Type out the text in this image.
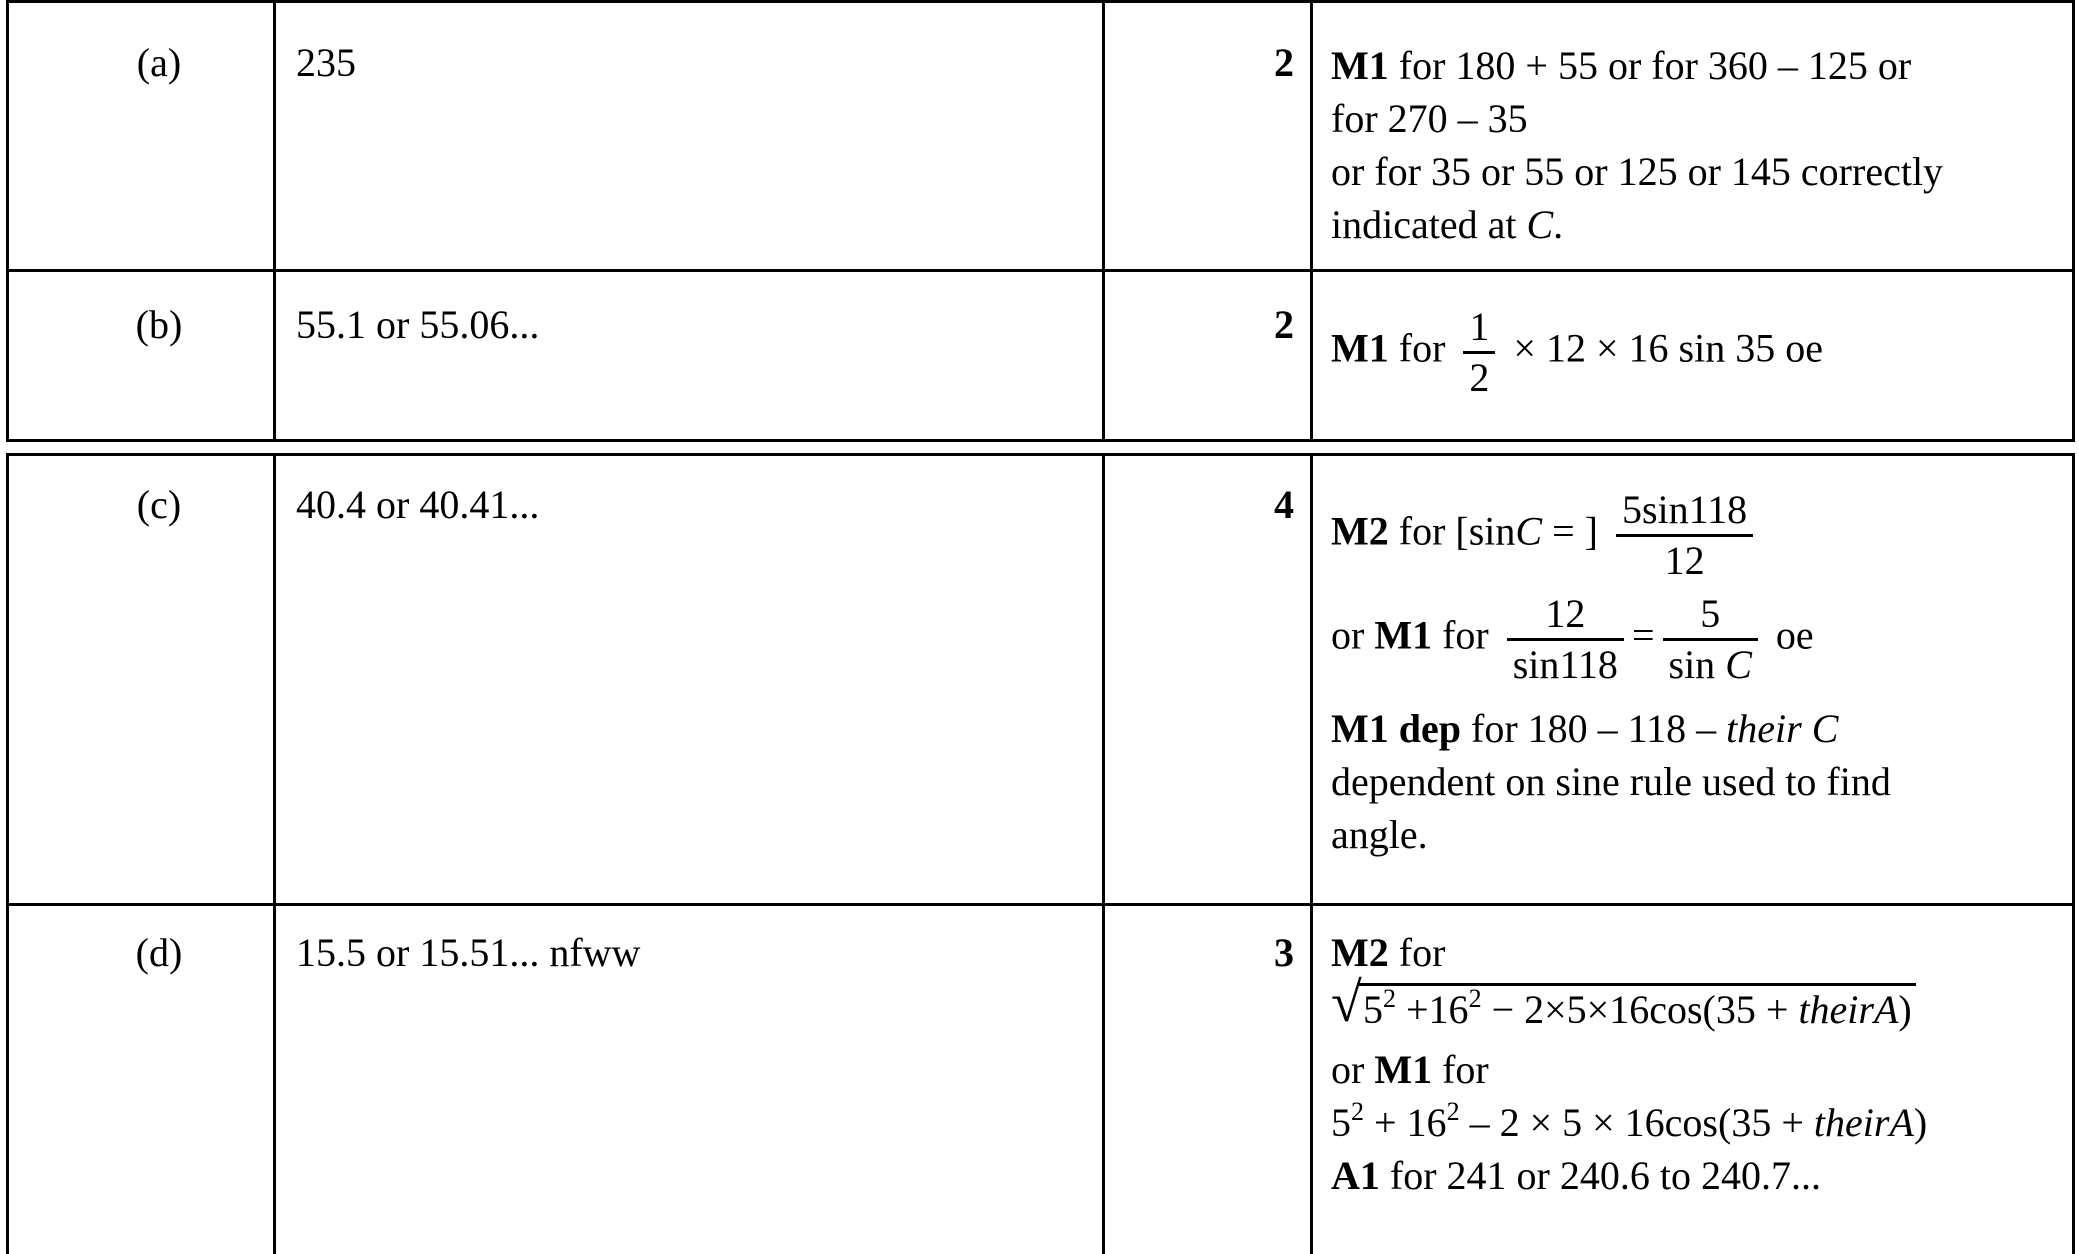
(a)	235	2 M1 for 180 + 55 or for 360 – 125 or
for 270 – 35
or for 35 or 55 or 125 or 145 correctly
indicated at C.
(b)	55.1 or 55.06...	2
M1 for $\frac{1}{2} \times 12 \times 16$ sin 35 oe
(c)	40.4 or 40.41...	4
M2 for [sinC = ] $\frac{5\sin 118}{12}$
or M1 for $\frac{12}{\sin 118} = \frac{5}{\text{sin C}}$ oe
M1 dep for 180 – 118 – their C
dependent on sine rule used to find
angle.
(d)	15.5 or 15.51... nfww	3 M2 for
√ $5^2 +16^2 - 2\times 5\times 16\cos(35$ + theirA)
or M1 for
$5^2 + 16^2 - 2 \times 5 \times 16\cos(35$ + theirA)
A1 for 241 or 240.6 to 240.7...
